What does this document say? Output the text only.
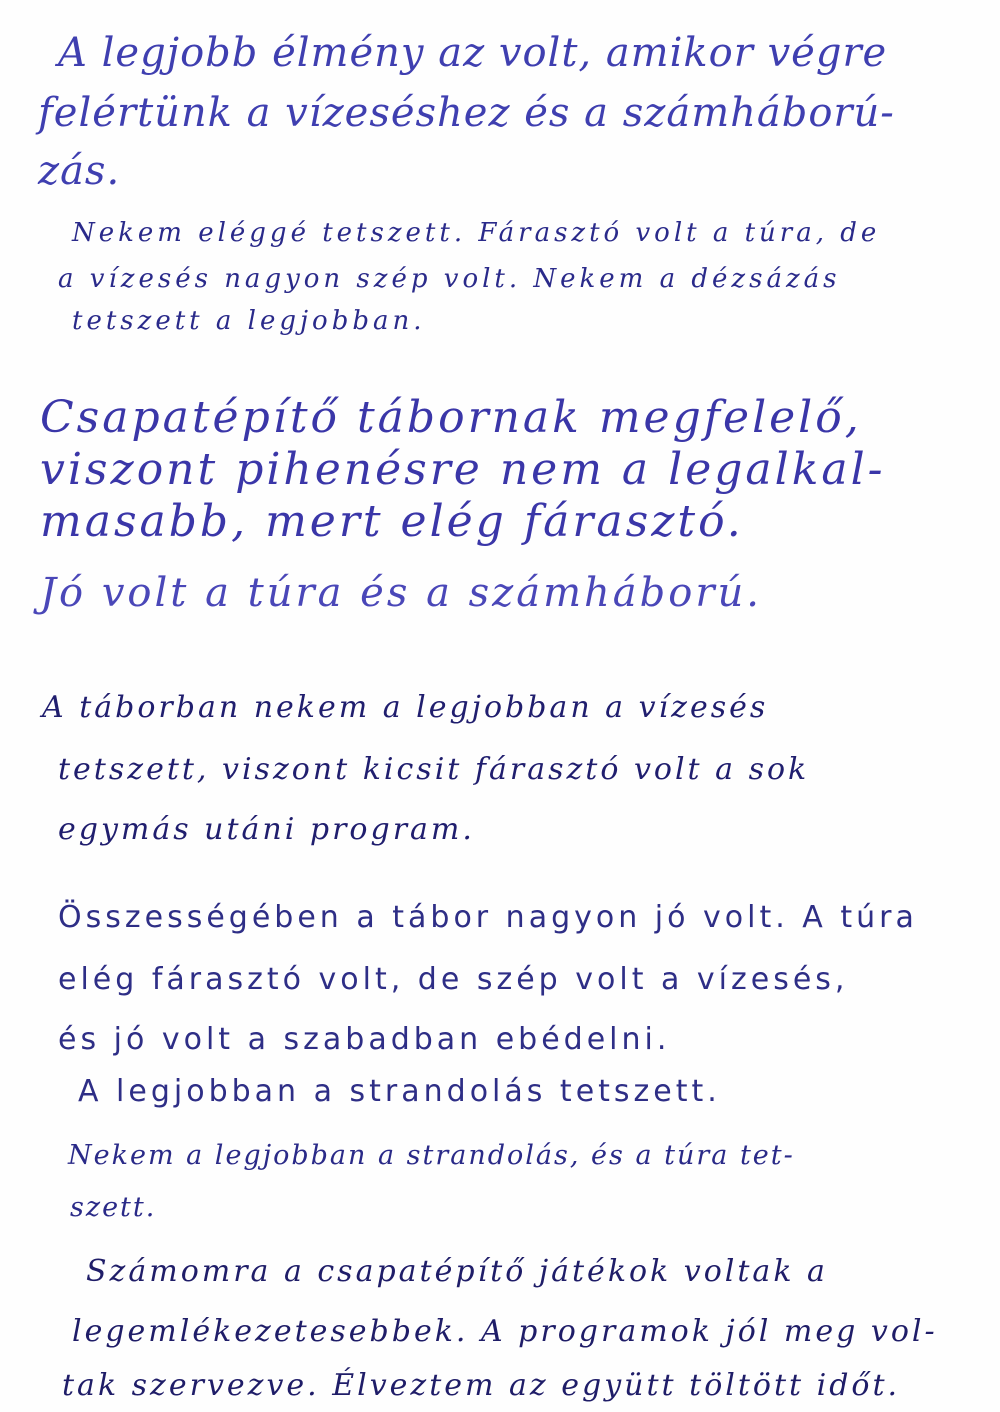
A legjobb élmény az volt, amikor végre
felértünk a vízeséshez és a számháború-
zás.
Nekem eléggé tetszett. Fárasztó volt a túra, de
a vízesés nagyon szép volt. Nekem a dézsázás
tetszett a legjobban.
Csapatépítő tábornak megfelelő,
viszont pihenésre nem a legalkal-
masabb, mert elég fárasztó.
Jó volt a túra és a számháború.
A táborban nekem a legjobban a vízesés
tetszett, viszont kicsit fárasztó volt a sok
egymás utáni program.
Összességében a tábor nagyon jó volt. A túra
elég fárasztó volt, de szép volt a vízesés,
és jó volt a szabadban ebédelni.
A legjobban a strandolás tetszett.
Nekem a legjobban a strandolás, és a túra tet-
szett.
Számomra a csapatépítő játékok voltak a
legemlékezetesebbek. A programok jól meg vol-
tak szervezve. Élveztem az együtt töltött időt.
